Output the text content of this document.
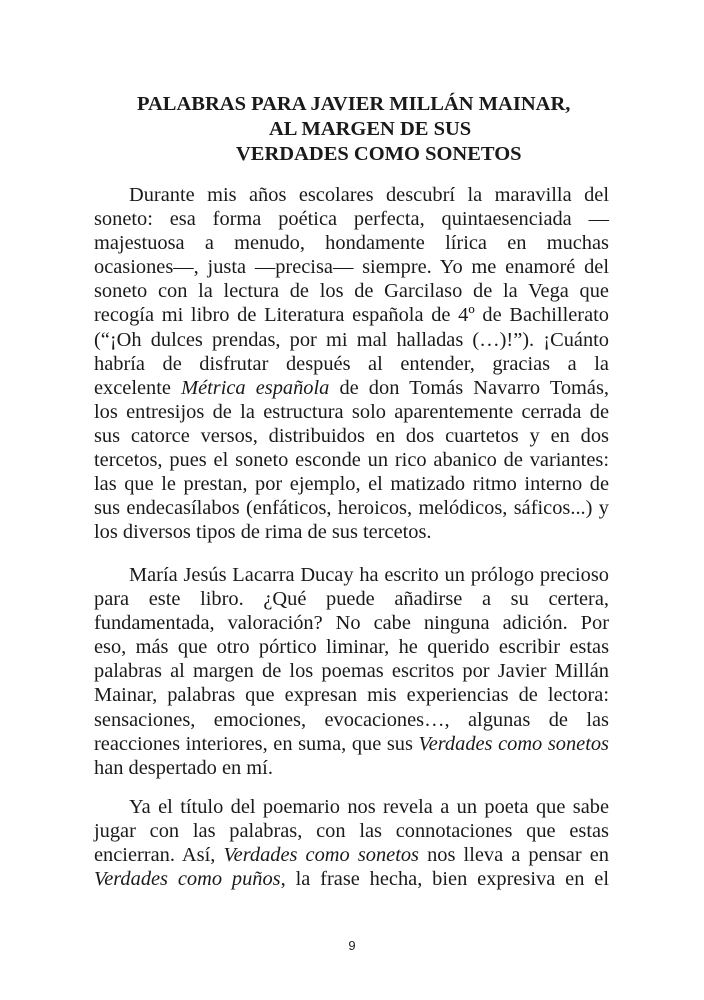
PALABRAS PARA JAVIER MILLÁN MAINAR,
AL MARGEN DE SUS
VERDADES COMO SONETOS
Durante mis años escolares descubrí la maravilla del
soneto: esa forma poética perfecta, quintaesenciada —
majestuosa a menudo, hondamente lírica en muchas
ocasiones—, justa —precisa— siempre. Yo me enamoré del
soneto con la lectura de los de Garcilaso de la Vega que
recogía mi libro de Literatura española de 4º de Bachillerato
(“¡Oh dulces prendas, por mi mal halladas (…)!”). ¡Cuánto
habría de disfrutar después al entender, gracias a la
excelente Métrica española de don Tomás Navarro Tomás,
los entresijos de la estructura solo aparentemente cerrada de
sus catorce versos, distribuidos en dos cuartetos y en dos
tercetos, pues el soneto esconde un rico abanico de variantes:
las que le prestan, por ejemplo, el matizado ritmo interno de
sus endecasílabos (enfáticos, heroicos, melódicos, sáficos...) y
los diversos tipos de rima de sus tercetos.
María Jesús Lacarra Ducay ha escrito un prólogo precioso
para este libro. ¿Qué puede añadirse a su certera,
fundamentada, valoración? No cabe ninguna adición. Por
eso, más que otro pórtico liminar, he querido escribir estas
palabras al margen de los poemas escritos por Javier Millán
Mainar, palabras que expresan mis experiencias de lectora:
sensaciones, emociones, evocaciones…, algunas de las
reacciones interiores, en suma, que sus Verdades como sonetos
han despertado en mí.
Ya el título del poemario nos revela a un poeta que sabe
jugar con las palabras, con las connotaciones que estas
encierran. Así, Verdades como sonetos nos lleva a pensar en
Verdades como puños, la frase hecha, bien expresiva en el
9
